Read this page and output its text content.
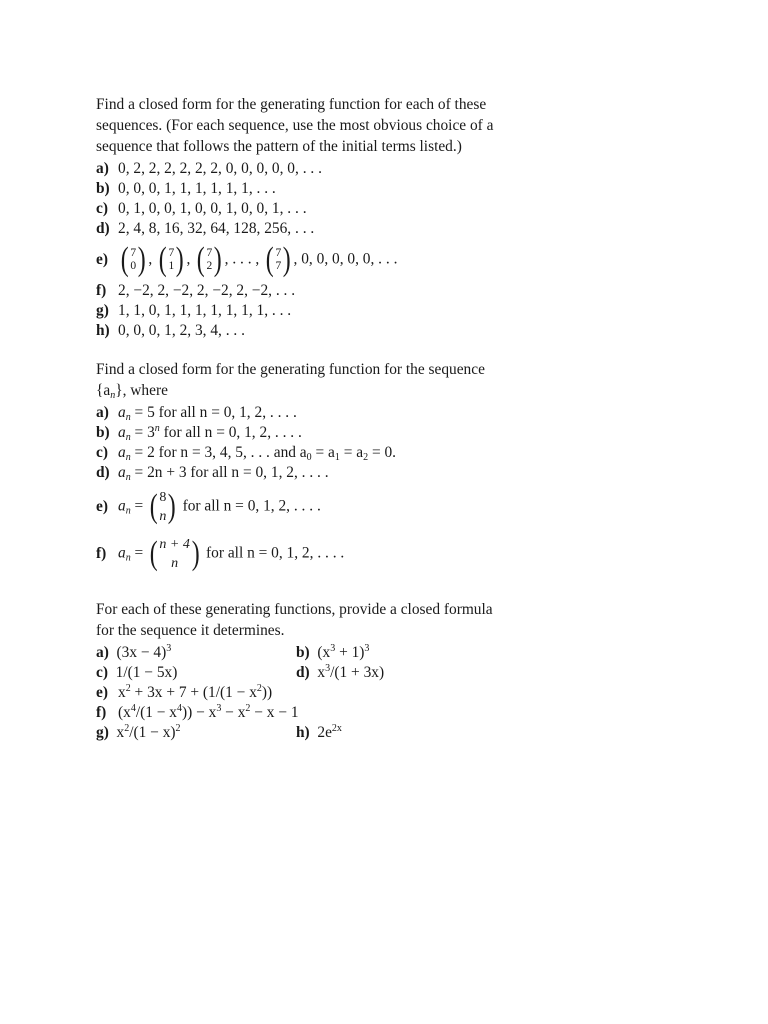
Find a closed form for the generating function for each of these sequences. (For each sequence, use the most obvious choice of a sequence that follows the pattern of the initial terms listed.)

a) 0, 2, 2, 2, 2, 2, 2, 0, 0, 0, 0, 0, . . .
b) 0, 0, 0, 1, 1, 1, 1, 1, 1, . . .
c) 0, 1, 0, 0, 1, 0, 0, 1, 0, 0, 1, . . .
d) 2, 4, 8, 16, 32, 64, 128, 256, . . .
e) ( 7
0 ) , ( 7
1 ) , ( 7
2 ) , . . . , ( 7
7 ) , 0, 0, 0, 0, 0, . . .
f) 2, −2, 2, −2, 2, −2, 2, −2, . . .
g) 1, 1, 0, 1, 1, 1, 1, 1, 1, 1, . . .
h) 0, 0, 0, 1, 2, 3, 4, . . .

Find a closed form for the generating function for the sequence $\{a_n\}$, where

a) $a_n = 5$ for all n = 0, 1, 2, . . . .
b) $a_n = 3^n$ for all n = 0, 1, 2, . . . .
c) $a_n = 2$ for n = 3, 4, 5, . . . and $a_0 = a_1 = a_2 = 0$.
d) $a_n = 2n + 3$ for all n = 0, 1, 2, . . . .
e) $a_n$ = ( 8
n ) for all n = 0, 1, 2, . . . .
f) $a_n$ = ( n + 4
n ) for all n = 0, 1, 2, . . . .

For each of these generating functions, provide a closed formula for the sequence it determines.

a) $(3x - 4)^3$	b) $(x^3 + 1)^3$
c) 1/(1 − 5x)	d) $x^3/(1 + 3x)$
e) $x^2 + 3x + 7 + (1/(1 - x^2))$
f) $(x^4/(1 - x^4)) - x^3 - x^2 - x - 1$
g) $x^2/(1 - x)^2$	h) $2e^{2x}$
